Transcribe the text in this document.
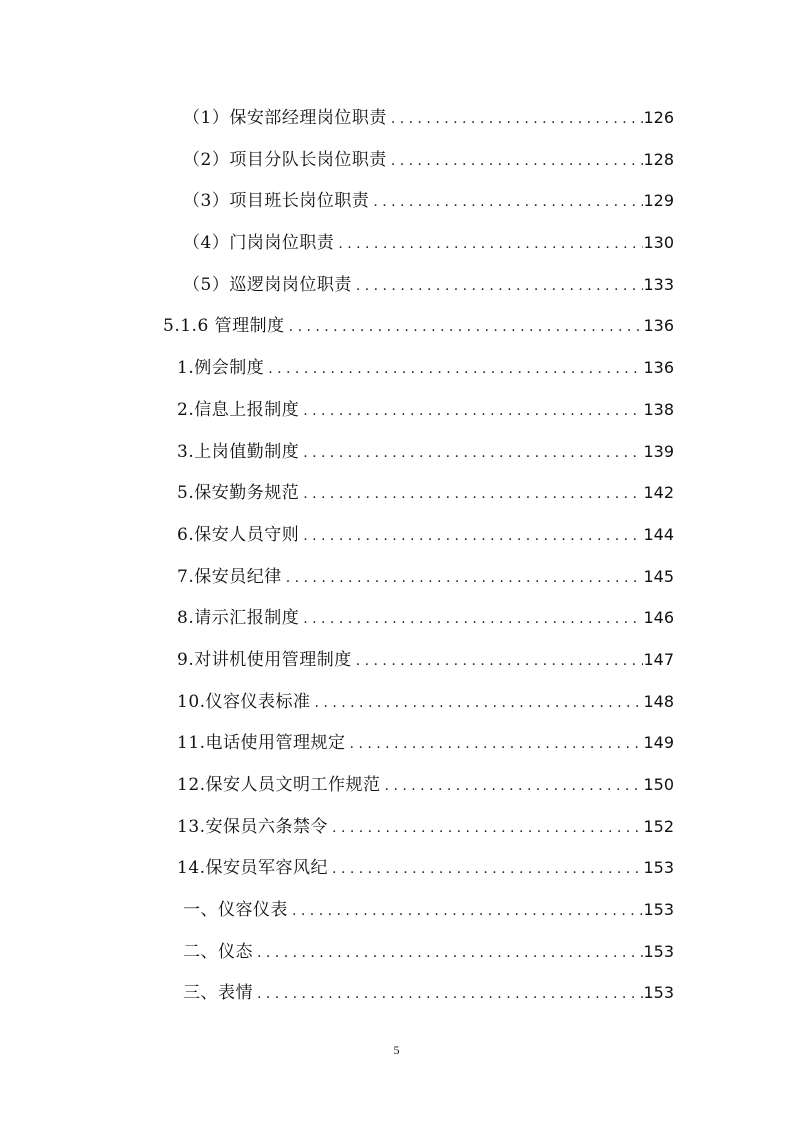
（1）保安部经理岗位职责 . . .	126
（2）项目分队长岗位职责 . . .	128
（3）项目班长岗位职责 . . .	129
（4）门岗岗位职责 . . .	130
（5）巡逻岗岗位职责 . . .	133
5.1.6 管理制度 . . .	136
1.例会制度 . . .	136
2.信息上报制度 . . .	138
3.上岗值勤制度 . . .	139
5.保安勤务规范 . . .	142
6.保安人员守则 . . .	144
7.保安员纪律 . . .	145
8.请示汇报制度 . . .	146
9.对讲机使用管理制度 . . .	147
10.仪容仪表标准 . . .	148
11.电话使用管理规定 . . .	149
12.保安人员文明工作规范 . . .	150
13.安保员六条禁令 . . .	152
14.保安员军容风纪 . . .	153
一、仪容仪表 . . .	153
二、仪态 . . .	153
三、表情 . . .	153
5
